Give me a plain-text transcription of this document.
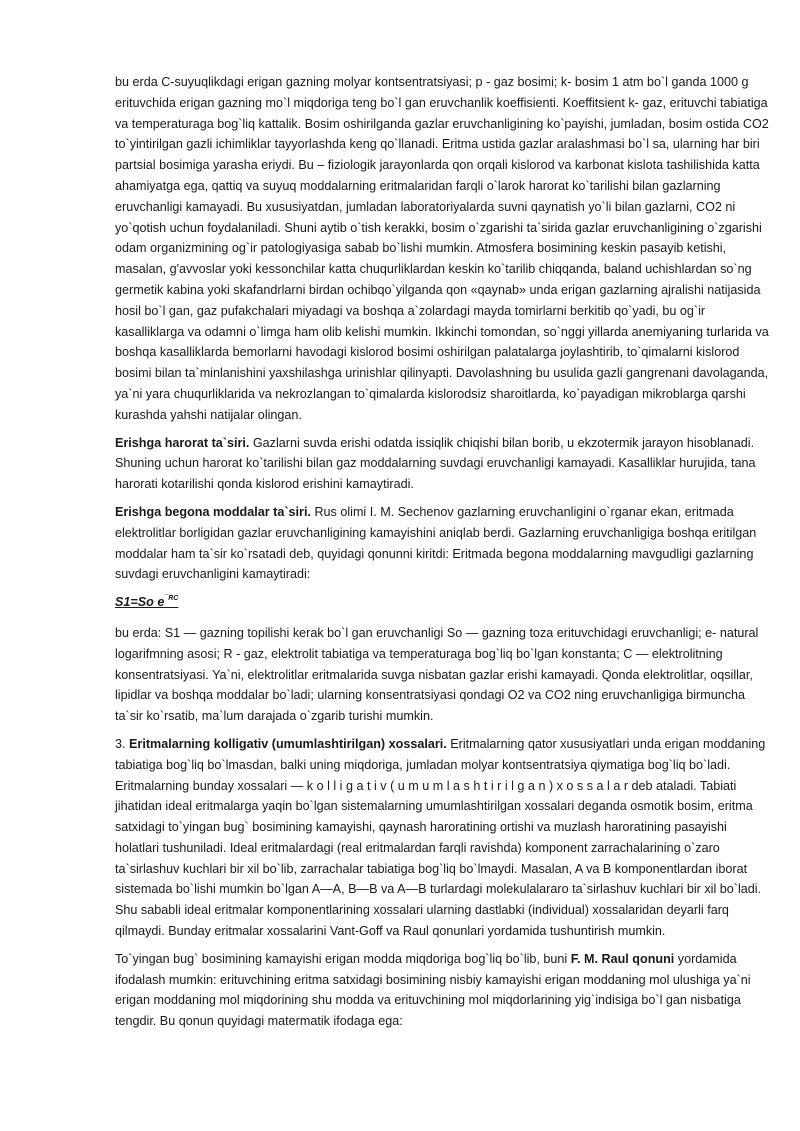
bu erda C-suyuqlikdagi erigan gazning molyar kontsentratsiyasi; p - gaz bosimi; k- bosim 1 atm bo`l ganda 1000 g erituvchida erigan gazning mo`l miqdoriga teng bo`l gan eruvchanlik koeffisienti. Koeffitsient k- gaz, erituvchi tabiatiga va temperaturaga bog`liq kattalik. Bosim oshirilganda gazlar eruvchanligining ko`payishi, jumladan, bosim ostida CO2 to`yintirilgan gazli ichimliklar tayyorlashda keng qo`llanadi. Eritma ustida gazlar aralashmasi bo`l sa, ularning har biri partsial bosimiga yarasha eriydi. Bu – fiziologik jarayonlarda qon orqali kislorod va karbonat kislota tashilishida katta ahamiyatga ega, qattiq va suyuq moddalarning eritmalaridan farqli o`larok harorat ko`tarilishi bilan gazlarning eruvchanligi kamayadi. Bu xususiyatdan, jumladan laboratoriyalarda suvni qaynatish yo`li bilan gazlarni, CO2 ni yo`qotish uchun foydalaniladi. Shuni aytib o`tish kerakki, bosim o`zgarishi ta`sirida gazlar eruvchanligining o`zgarishi odam organizmining og`ir patologiyasiga sabab bo`lishi mumkin. Atmosfera bosimining keskin pasayib ketishi, masalan, g'avvoslar yoki kessonchilar katta chuqurliklardan keskin ko`tarilib chiqqanda, baland uchishlardan so`ng germetik kabina yoki skafandrlarni birdan ochibqo`yilganda qon «qaynab» unda erigan gazlarning ajralishi natijasida hosil bo`l gan, gaz pufakchalari miyadagi va boshqa a`zolardagi mayda tomirlarni berkitib qo`yadi, bu og`ir kasalliklarga va odamni o`limga ham olib kelishi mumkin. Ikkinchi tomondan, so`nggi yillarda anemiyaning turlarida va boshqa kasalliklarda bemorlarni havodagi kislorod bosimi oshirilgan palatalarga joylashtirib, to`qimalarni kislorod bosimi bilan ta`minlanishini yaxshilashga urinishlar qilinyapti. Davolashning bu usulida gazli gangrenani davolaganda, ya`ni yara chuqurliklarida va nekrozlangan to`qimalarda kislorodsiz sharoitlarda, ko`payadigan mikroblarga qarshi kurashda yahshi natijalar olingan.

Erishga harorat ta`siri. Gazlarni suvda erishi odatda issiqlik chiqishi bilan borib, u ekzotermik jarayon hisoblanadi. Shuning uchun harorat ko`tarilishi bilan gaz moddalarning suvdagi eruvchanligi kamayadi. Kasalliklar hurujida, tana harorati kotarilishi qonda kislorod erishini kamaytiradi.

Erishga begona moddalar ta`siri. Rus olimi I. M. Sechenov gazlarning eruvchanligini o`rganar ekan, eritmada elektrolitlar borligidan gazlar eruvchanligining kamayishini aniqlab berdi. Gazlarning eruvchanligiga boshqa eritilgan moddalar ham ta`sir ko`rsatadi deb, quyidagi qonunni kiritdi: Eritmada begona moddalarning mavgudligi gazlarning suvdagi eruvchanligini kamaytiradi:

S1=So $e^{¯RC}$

bu erda: S1 — gazning topilishi kerak bo`l gan eruvchanligi So — gazning toza erituvchidagi eruvchanligi; e- natural logarifmning asosi; R - gaz, elektrolit tabiatiga va temperaturaga bog`liq bo`lgan konstanta; C — elektrolitning konsentratsiyasi. Ya`ni, elektrolitlar eritmalarida suvga nisbatan gazlar erishi kamayadi. Qonda elektrolitlar, oqsillar, lipidlar va boshqa moddalar bo`ladi; ularning konsentratsiyasi qondagi O2 va CO2 ning eruvchanligiga birmuncha ta`sir ko`rsatib, ma`lum darajada o`zgarib turishi mumkin.

3. Eritmalarning kolligativ (umumlashtirilgan) xossalari. Eritmalarning qator xususiyatlari unda erigan moddaning tabiatiga bog`liq bo`lmasdan, balki uning miqdoriga, jumladan molyar kontsentratsiya qiymatiga bog`liq bo`ladi. Eritmalarning bunday xossalari — k o l l i g a t i v ( u m u m l a s h t i r i l g a n ) x o s s a l a r deb ataladi. Tabiati jihatidan ideal eritmalarga yaqin bo`lgan sistemalarning umumlashtirilgan xossalari deganda osmotik bosim, eritma satxidagi to`yingan bug` bosimining kamayishi, qaynash haroratining ortishi va muzlash haroratining pasayishi holatlari tushuniladi. Ideal eritmalardagi (real eritmalardan farqli ravishda) komponent zarrachalarining o`zaro ta`sirlashuv kuchlari bir xil bo`lib, zarrachalar tabiatiga bog`liq bo`lmaydi. Masalan, A va B komponentlardan iborat sistemada bo`lishi mumkin bo`lgan A—A, B—B va A—B turlardagi molekulalararo ta`sirlashuv kuchlari bir xil bo`ladi. Shu sababli ideal eritmalar komponentlarining xossalari ularning dastlabki (individual) xossalaridan deyarli farq qilmaydi. Bunday eritmalar xossalarini Vant-Goff va Raul qonunlari yordamida tushuntirish mumkin.

To`yingan bug` bosimining kamayishi erigan modda miqdoriga bog`liq bo`lib, buni F. M. Raul qonuni yordamida ifodalash mumkin: erituvchining eritma satxidagi bosimining nisbiy kamayishi erigan moddaning mol ulushiga ya`ni erigan moddaning mol miqdorining shu modda va erituvchining mol miqdorlarining yig`indisiga bo`l gan nisbatiga tengdir. Bu qonun quyidagi matermatik ifodaga ega:
